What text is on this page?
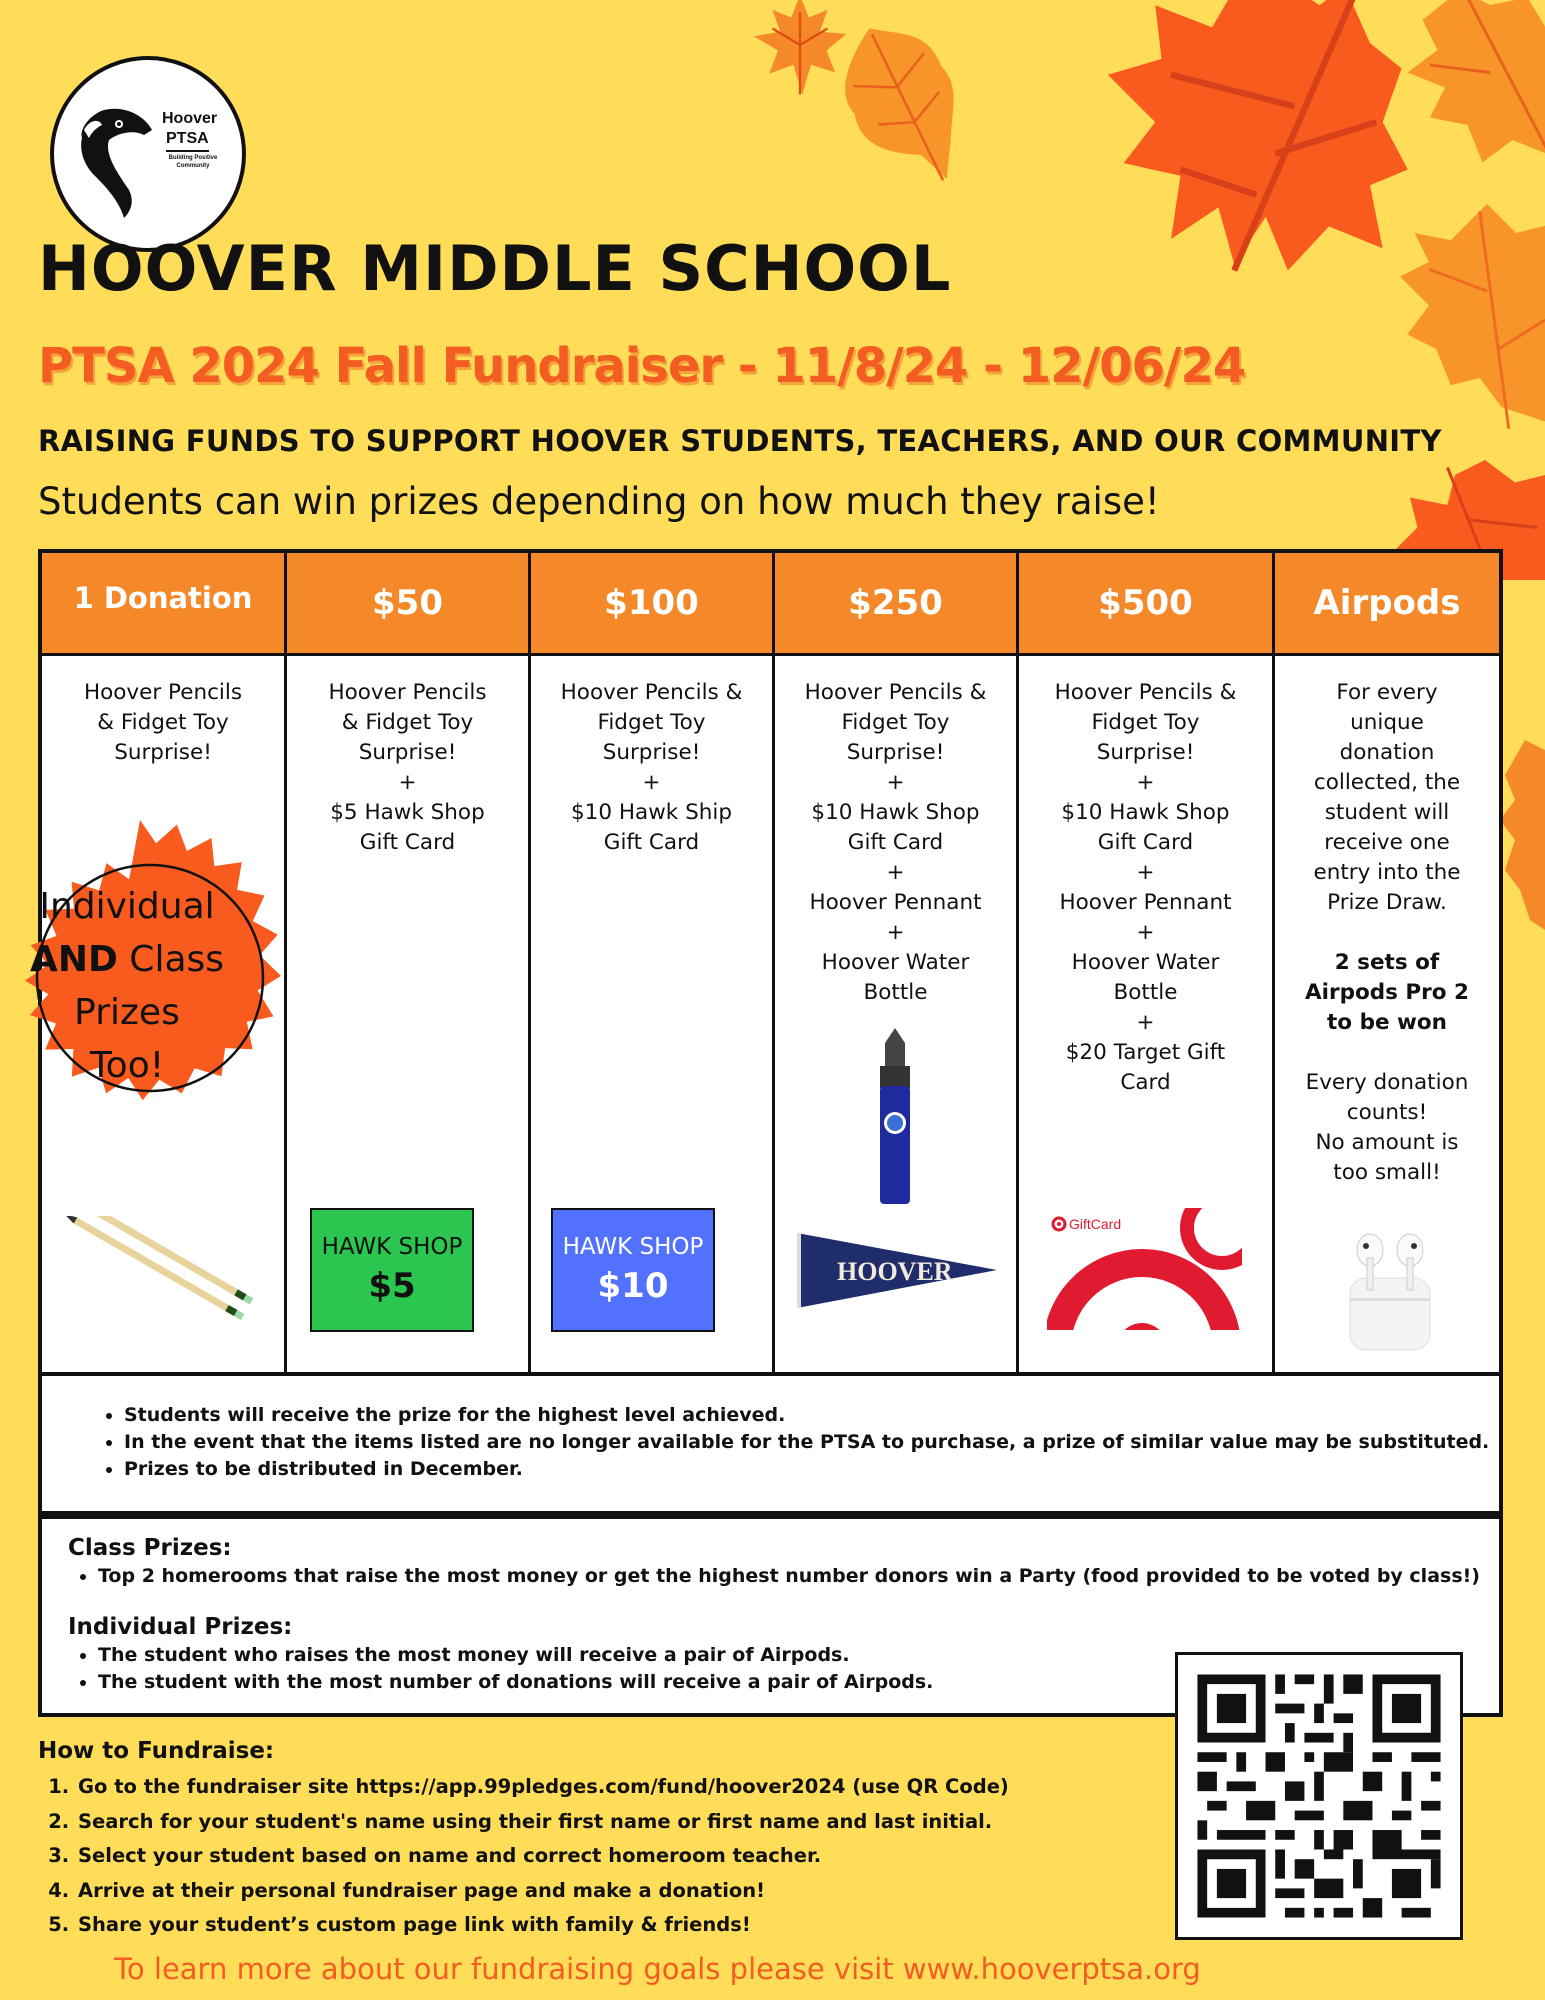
Hoover
PTSA
Building Positive Community
HOOVER MIDDLE SCHOOL
PTSA 2024 Fall Fundraiser - 11/8/24 - 12/06/24
RAISING FUNDS TO SUPPORT HOOVER STUDENTS, TEACHERS, AND OUR COMMUNITY
Students can win prizes depending on how much they raise!
1 Donation
Hoover Pencils
& Fidget Toy
Surprise!
$50
Hoover Pencils
& Fidget Toy
Surprise!
+
$5 Hawk Shop
Gift Card
HAWK SHOP
$5
$100
Hoover Pencils &
Fidget Toy
Surprise!
+
$10 Hawk Ship
Gift Card
HAWK SHOP
$10
$250
Hoover Pencils &
Fidget Toy
Surprise!
+
$10 Hawk Shop
Gift Card
+
Hoover Pennant
+
Hoover Water
Bottle
HOOVER
$500
Hoover Pencils &
Fidget Toy
Surprise!
+
$10 Hawk Shop
Gift Card
+
Hoover Pennant
+
Hoover Water
Bottle
+
$20 Target Gift
Card
GiftCard
Airpods
For every
unique
donation
collected, the
student will
receive one
entry into the
Prize Draw.
2 sets of
Airpods Pro 2
to be won
Every donation
counts!
No amount is
too small!
Individual
AND Class
Prizes
Too!
• Students will receive the prize for the highest level achieved.
• In the event that the items listed are no longer available for the PTSA to purchase, a prize of similar value may be substituted.
• Prizes to be distributed in December.
Class Prizes:
• Top 2 homerooms that raise the most money or get the highest number donors win a Party (food provided to be voted by class!)
Individual Prizes:
• The student who raises the most money will receive a pair of Airpods.
• The student with the most number of donations will receive a pair of Airpods.
How to Fundraise:
1. Go to the fundraiser site https://app.99pledges.com/fund/hoover2024 (use QR Code)
2. Search for your student's name using their first name or first name and last initial.
3. Select your student based on name and correct homeroom teacher.
4. Arrive at their personal fundraiser page and make a donation!
5. Share your student’s custom page link with family & friends!
To learn more about our fundraising goals please visit www.hooverptsa.org
